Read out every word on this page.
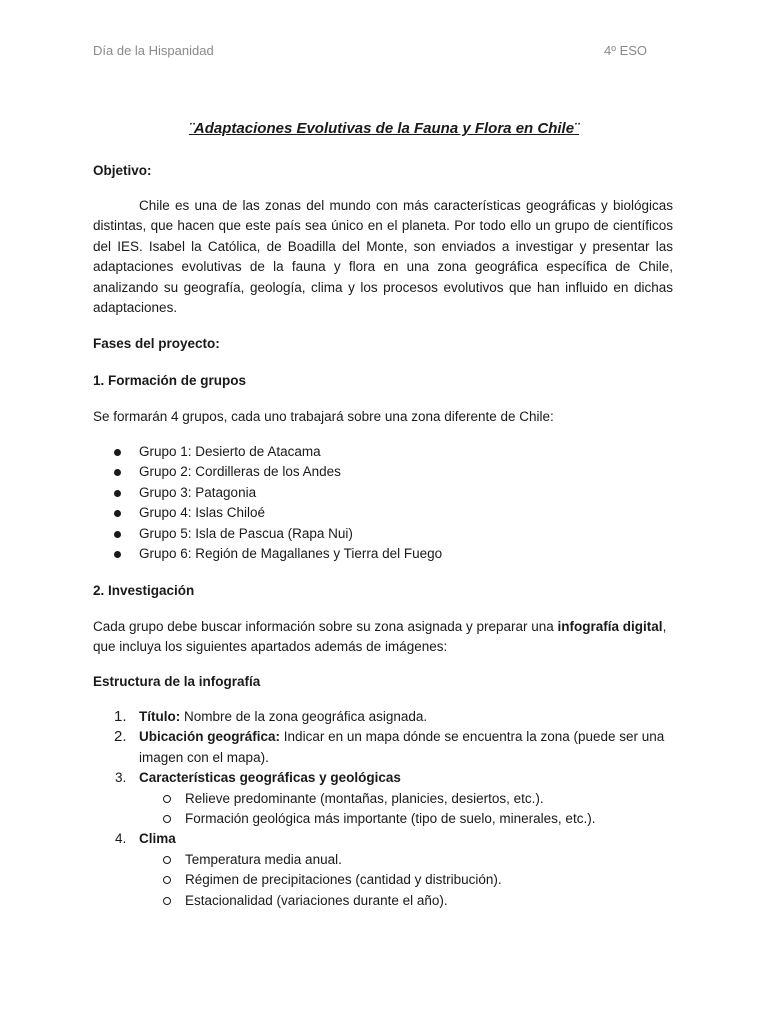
Día de la Hispanidad	4º ESO
¨Adaptaciones Evolutivas de la Fauna y Flora en Chile¨
Objetivo:
Chile es una de las zonas del mundo con más características geográficas y biológicas distintas, que hacen que este país sea único en el planeta. Por todo ello un grupo de científicos del IES. Isabel la Católica, de Boadilla del Monte, son enviados a investigar y presentar las adaptaciones evolutivas de la fauna y flora en una zona geográfica específica de Chile, analizando su geografía, geología, clima y los procesos evolutivos que han influido en dichas adaptaciones.
Fases del proyecto:
1. Formación de grupos
Se formarán 4 grupos, cada uno trabajará sobre una zona diferente de Chile:
Grupo 1: Desierto de Atacama
Grupo 2: Cordilleras de los Andes
Grupo 3: Patagonia
Grupo 4: Islas Chiloé
Grupo 5: Isla de Pascua (Rapa Nui)
Grupo 6: Región de Magallanes y Tierra del Fuego
2. Investigación
Cada grupo debe buscar información sobre su zona asignada y preparar una infografía digital, que incluya los siguientes apartados además de imágenes:
Estructura de la infografía
1. Título: Nombre de la zona geográfica asignada.
2. Ubicación geográfica: Indicar en un mapa dónde se encuentra la zona (puede ser una imagen con el mapa).
3. Características geográficas y geológicas
Relieve predominante (montañas, planicies, desiertos, etc.).
Formación geológica más importante (tipo de suelo, minerales, etc.).
4. Clima
Temperatura media anual.
Régimen de precipitaciones (cantidad y distribución).
Estacionalidad (variaciones durante el año).
